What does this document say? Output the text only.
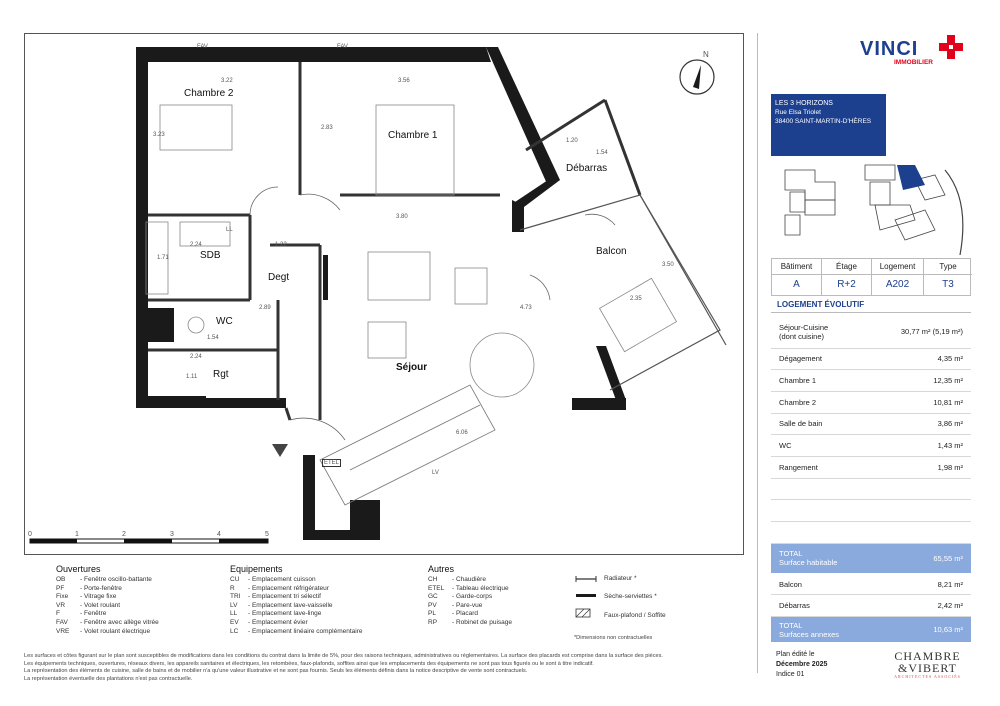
Chambre 2
Chambre 1
Débarras
Balcon
SDB
Degt
WC
Rgt
Séjour
3.22	3.56
3.23
2.83
1.20
1.54
3.80
2.24	1.22
1.71
3.50
2.35
1.54
2.24
1.11
2.89
6.06
4.73
FAV	FAV
LL
LV
ETEL
N
0	1	2	3	4	5
VINCI
IMMOBILIER
LES 3 HORIZONS
Rue Elsa Triolet
38400 SAINT-MARTIN-D'HÈRES
Bâtiment	Étage	Logement	Type
A	R+2	A202	T3
LOGEMENT ÉVOLUTIF
Séjour-Cuisine
(dont cuisine)	30,77 m² (5,19 m²)
Dégagement	4,35 m²
Chambre 1	12,35 m²
Chambre 2	10,81 m²
Salle de bain	3,86 m²
WC	1,43 m²
Rangement	1,98 m²

TOTAL
Surface habitable	65,55 m²
Balcon	8,21 m²
Débarras	2,42 m²
TOTAL
Surfaces annexes	10,63 m²
Plan édité le
Décembre 2025
Indice 01
CHAMBRE
&VIBERT
ARCHITECTES ASSOCIÉS
Ouvertures
OB - Fenêtre oscillo-battante
PF - Porte-fenêtre
Fixe - Vitrage fixe
VR - Volet roulant
F	- Fenêtre
FAV - Fenêtre avec allège vitrée
VRE - Volet roulant électrique
Equipements
CU - Emplacement cuisson
R - Emplacement réfrigérateur
TRI - Emplacement tri sélectif
LV - Emplacement lave-vaisselle
LL - Emplacement lave-linge
EV - Emplacement évier
LC - Emplacement linéaire complémentaire
Autres
CH - Chaudière
ETEL - Tableau électrique
GC - Garde-corps
PV - Pare-vue
PL - Placard
RP - Robinet de puisage
Radiateur *
Sèche-serviettes *
Faux-plafond / Soffite
*Dimensions non contractuelles
Les surfaces et côtes figurant sur le plan sont susceptibles de modifications dans les conditions du contrat dans la limite de 5%, pour des raisons techniques, administratives ou réglementaires. La surface des placards est comprise dans la surface des pièces.
Les équipements techniques, ouvertures, réseaux divers, les appareils sanitaires et électriques, les retombées, faux-plafonds, soffites ainsi que les emplacements des équipements ne sont pas tous figurés ou le sont à titre indicatif.
La représentation des éléments de cuisine, salle de bains et de mobilier n'a qu'une valeur illustrative et ne sont pas fournis. Seuls les éléments définis dans la notice descriptive de vente sont contractuels.
La représentation éventuelle des plantations n'est pas contractuelle.
